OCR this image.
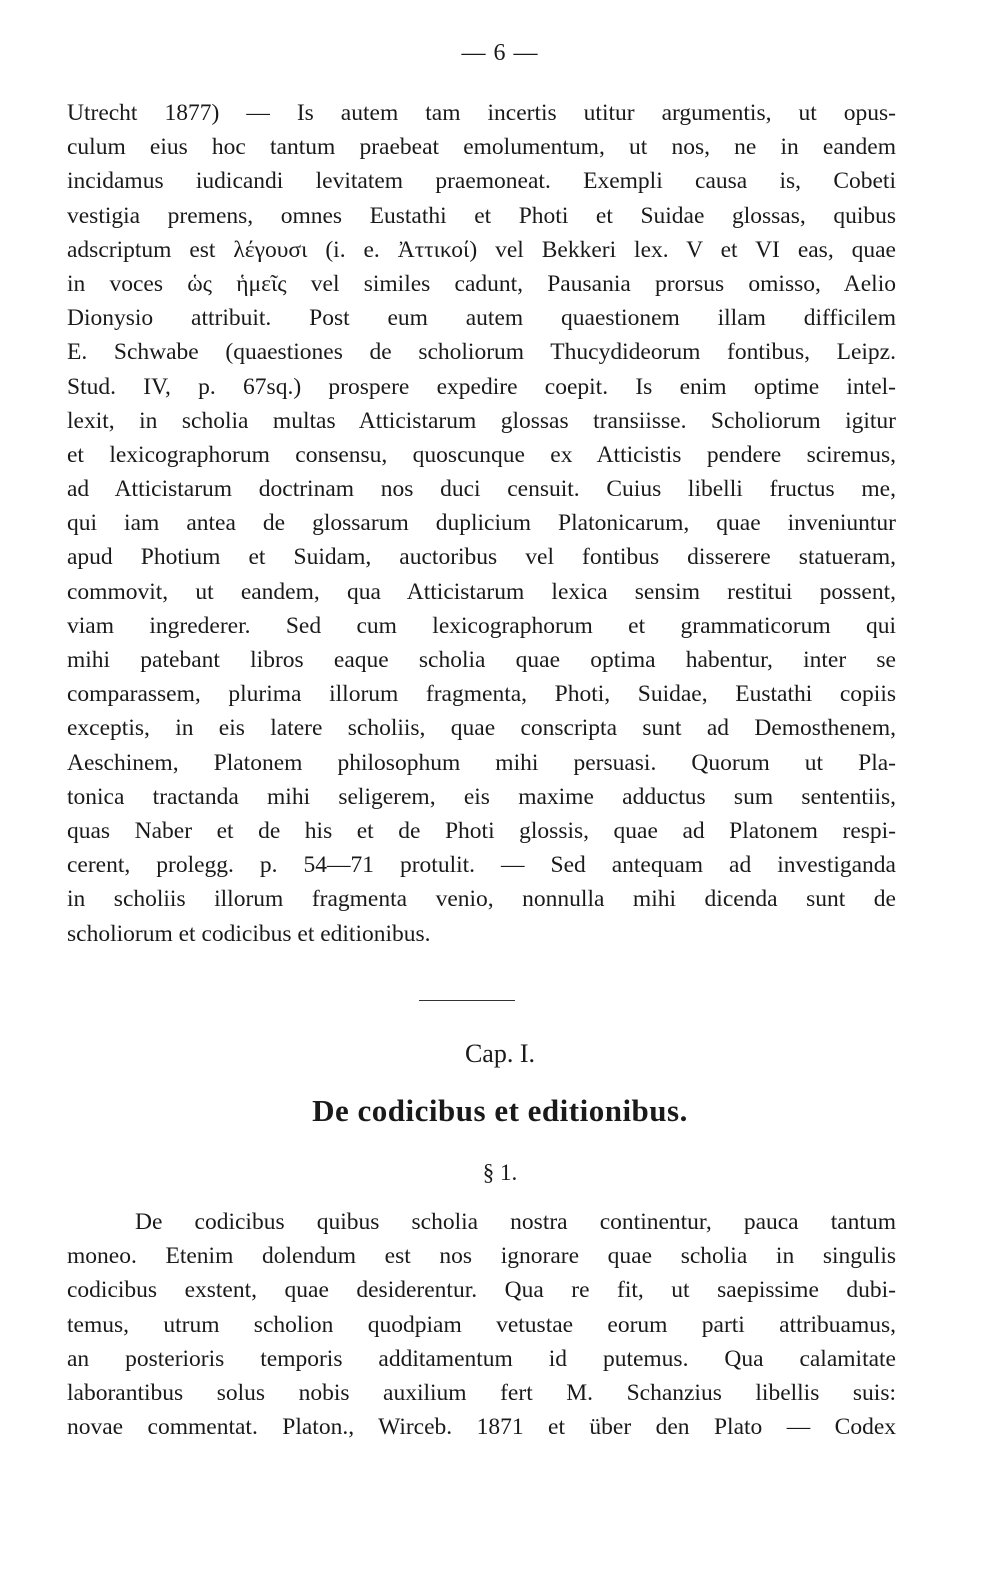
— 6 —
Utrecht 1877) — Is autem tam incertis utitur argumentis, ut opus-
culum eius hoc tantum praebeat emolumentum, ut nos, ne in eandem
incidamus iudicandi levitatem praemoneat. Exempli causa is, Cobeti
vestigia premens, omnes Eustathi et Photi et Suidae glossas, quibus
adscriptum est λέγουσι (i. e. Ἀττικοί) vel Bekkeri lex. V et VI eas, quae
in voces ὡς ἡμεῖς vel similes cadunt, Pausania prorsus omisso, Aelio
Dionysio attribuit. Post eum autem quaestionem illam difficilem
E. Schwabe (quaestiones de scholiorum Thucydideorum fontibus, Leipz.
Stud. IV, p. 67sq.) prospere expedire coepit. Is enim optime intel-
lexit, in scholia multas Atticistarum glossas transiisse. Scholiorum igitur
et lexicographorum consensu, quoscunque ex Atticistis pendere sciremus,
ad Atticistarum doctrinam nos duci censuit. Cuius libelli fructus me,
qui iam antea de glossarum duplicium Platonicarum, quae inveniuntur
apud Photium et Suidam, auctoribus vel fontibus disserere statueram,
commovit, ut eandem, qua Atticistarum lexica sensim restitui possent,
viam ingrederer. Sed cum lexicographorum et grammaticorum qui
mihi patebant libros eaque scholia quae optima habentur, inter se
comparassem, plurima illorum fragmenta, Photi, Suidae, Eustathi copiis
exceptis, in eis latere scholiis, quae conscripta sunt ad Demosthenem,
Aeschinem, Platonem philosophum mihi persuasi. Quorum ut Pla-
tonica tractanda mihi seligerem, eis maxime adductus sum sententiis,
quas Naber et de his et de Photi glossis, quae ad Platonem respi-
cerent, prolegg. p. 54—71 protulit. — Sed antequam ad investiganda
in scholiis illorum fragmenta venio, nonnulla mihi dicenda sunt de
scholiorum et codicibus et editionibus.
Cap. I.
De codicibus et editionibus.
§ 1.
De codicibus quibus scholia nostra continentur, pauca tantum
moneo. Etenim dolendum est nos ignorare quae scholia in singulis
codicibus exstent, quae desiderentur. Qua re fit, ut saepissime dubi-
temus, utrum scholion quodpiam vetustae eorum parti attribuamus,
an posterioris temporis additamentum id putemus. Qua calamitate
laborantibus solus nobis auxilium fert M. Schanzius libellis suis:
novae commentat. Platon., Wirceb. 1871 et über den Plato — Codex
